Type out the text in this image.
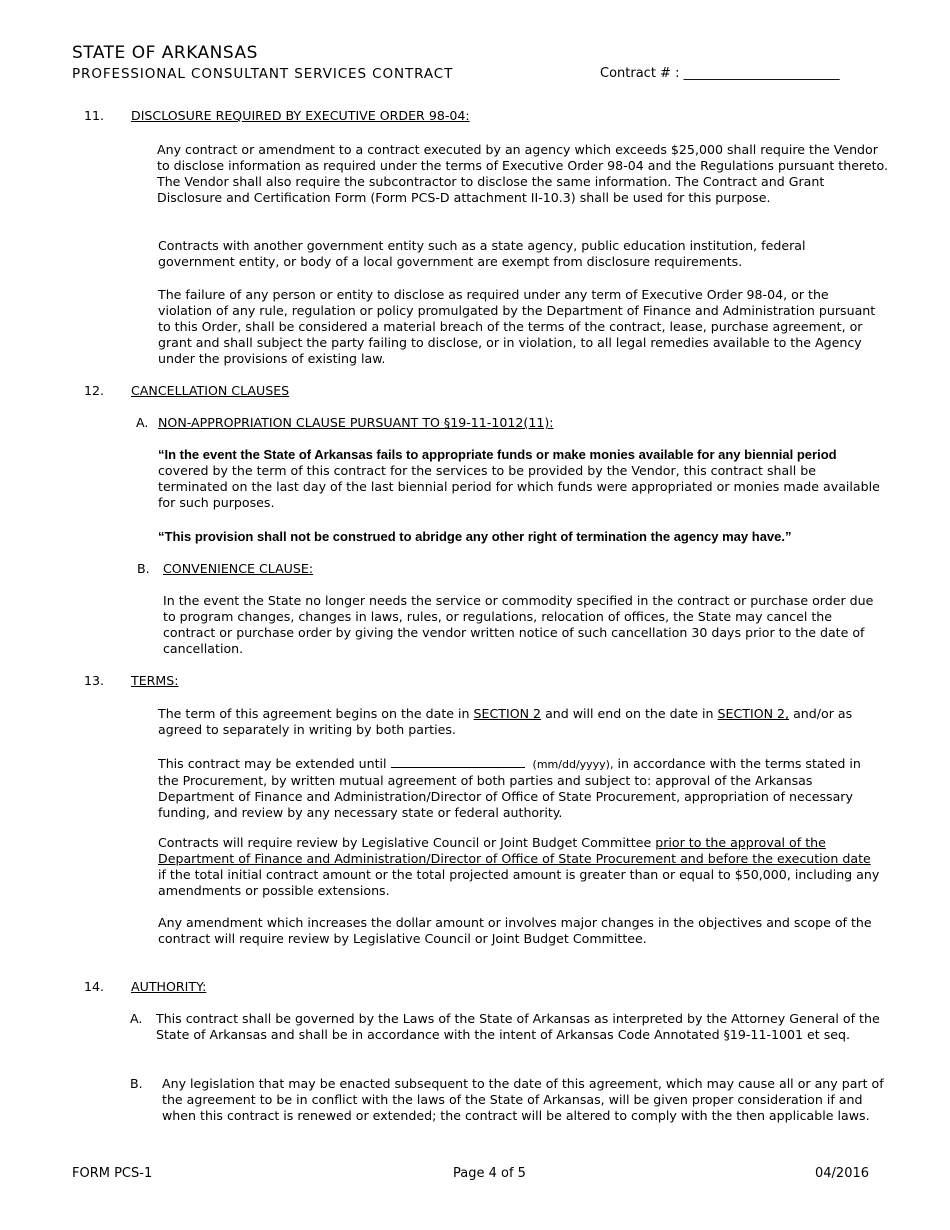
STATE OF ARKANSAS
PROFESSIONAL CONSULTANT SERVICES CONTRACT	Contract # : ________________________
11. DISCLOSURE REQUIRED BY EXECUTIVE ORDER 98-04:

Any contract or amendment to a contract executed by an agency which exceeds $25,000 shall require the Vendor to disclose information as required under the terms of Executive Order 98-04 and the Regulations pursuant thereto. The Vendor shall also require the subcontractor to disclose the same information. The Contract and Grant Disclosure and Certification Form (Form PCS-D attachment II-10.3) shall be used for this purpose.

Contracts with another government entity such as a state agency, public education institution, federal government entity, or body of a local government are exempt from disclosure requirements.

The failure of any person or entity to disclose as required under any term of Executive Order 98-04, or the violation of any rule, regulation or policy promulgated by the Department of Finance and Administration pursuant to this Order, shall be considered a material breach of the terms of the contract, lease, purchase agreement, or grant and shall subject the party failing to disclose, or in violation, to all legal remedies available to the Agency under the provisions of existing law.

12. CANCELLATION CLAUSES
A. NON-APPROPRIATION CLAUSE PURSUANT TO §19-11-1012(11):
“In the event the State of Arkansas fails to appropriate funds or make monies available for any biennial period

covered by the term of this contract for the services to be provided by the Vendor, this contract shall be terminated on the last day of the last biennial period for which funds were appropriated or monies made available for such purposes.

“This provision shall not be construed to abridge any other right of termination the agency may have.”
B. CONVENIENCE CLAUSE:

In the event the State no longer needs the service or commodity specified in the contract or purchase order due to program changes, changes in laws, rules, or regulations, relocation of offices, the State may cancel the contract or purchase order by giving the vendor written notice of such cancellation 30 days prior to the date of cancellation.

13. TERMS:

The term of this agreement begins on the date in SECTION 2 and will end on the date in SECTION 2, and/or as agreed to separately in writing by both parties.

This contract may be extended until	(mm/dd/yyyy), in accordance with the terms stated in the Procurement, by written mutual agreement of both parties and subject to: approval of the Arkansas Department of Finance and Administration/Director of Office of State Procurement, appropriation of necessary funding, and review by any necessary state or federal authority.

Contracts will require review by Legislative Council or Joint Budget Committee prior to the approval of the Department of Finance and Administration/Director of Office of State Procurement and before the execution date if the total initial contract amount or the total projected amount is greater than or equal to $50,000, including any amendments or possible extensions.

Any amendment which increases the dollar amount or involves major changes in the objectives and scope of the contract will require review by Legislative Council or Joint Budget Committee.

14. AUTHORITY:
A. This contract shall be governed by the Laws of the State of Arkansas as interpreted by the Attorney General of the State of Arkansas and shall be in accordance with the intent of Arkansas Code Annotated §19-11-1001 et seq.

B. Any legislation that may be enacted subsequent to the date of this agreement, which may cause all or any part of the agreement to be in conflict with the laws of the State of Arkansas, will be given proper consideration if and when this contract is renewed or extended; the contract will be altered to comply with the then applicable laws.

FORM PCS-1	Page 4 of 5	04/2016
